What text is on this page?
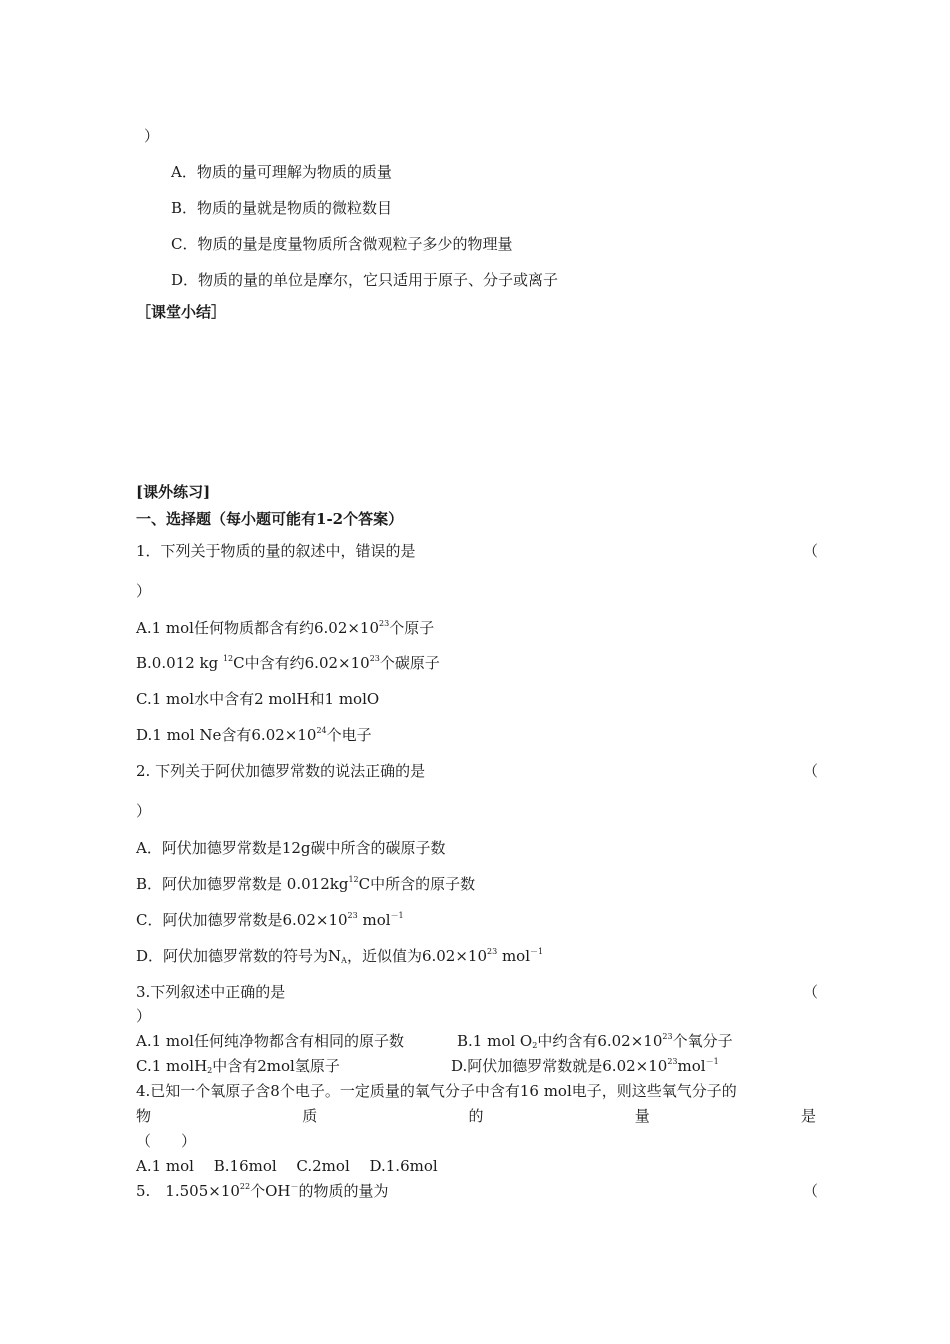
）
A．物质的量可理解为物质的质量
B．物质的量就是物质的微粒数目
C．物质的量是度量物质所含微观粒子多少的物理量
D．物质的量的单位是摩尔，它只适用于原子、分子或离子
［课堂小结］
[课外练习]
一、选择题（每小题可能有1-2个答案）
1．下列关于物质的量的叙述中，错误的是	（
）
A.1 mol任何物质都含有约$6.02\times 10^{23}$个原子
B.0.012 kg $^{12}$C中含有约$6.02\times 10^{23}$个碳原子
C.1 mol水中含有2 molH和1 molO
D.1 mol Ne含有$6.02\times 10^{24}$个电子
2. 下列关于阿伏加德罗常数的说法正确的是	（
）
A．阿伏加德罗常数是12g碳中所含的碳原子数
B．阿伏加德罗常数是 $0.012kg^{12}C$中所含的原子数
C．阿伏加德罗常数是$6.02\times 10^{23}$ mol$^{-1}$
D．阿伏加德罗常数的符号为$N_A$，近似值为$6.02\times 10^{23}$ mol$^{-1}$
3.下列叙述中正确的是	（
）
A.1 mol任何纯净物都含有相同的原子数	B.1 mol $O_2$中约含有$6.02\times 10^{23}$个氧分子
C.1 molH$_2$中含有2mol氢原子	D.阿伏加德罗常数就是$6.02\times 10^{23}mol^{-1}$
4.已知一个氧原子含8个电子。一定质量的氧气分子中含有16 mol电子，则这些氧气分子的
物	质	的	量	是
（　　）
A.1 mol　 B.16mol　 C.2mol　 D.1.6mol
5.　$1.505\times 10^{22}$个OH－的物质的量为	（
